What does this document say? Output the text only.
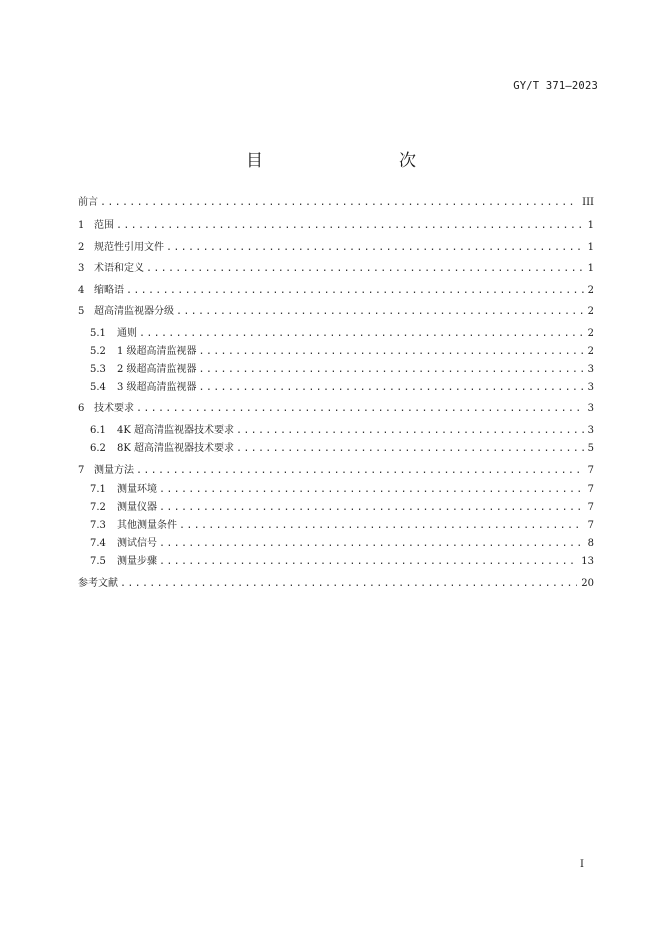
GY/T 371—2023
目　　次
前言 .....	III
1 范围 .....	1
2 规范性引用文件 .....	1
3 术语和定义 .....	1
4 缩略语 .....	2
5 超高清监视器分级 .....	2
5.1	通则 .....	2
5.2	1 级超高清监视器 .....	2
5.3	2 级超高清监视器 .....	3
5.4	3 级超高清监视器 .....	3
6 技术要求 .....	3
6.1	4K 超高清监视器技术要求 .....	3
6.2	8K 超高清监视器技术要求 .....	5
7 测量方法 .....	7
7.1	测量环境 .....	7
7.2	测量仪器 .....	7
7.3	其他测量条件 .....	7
7.4	测试信号 .....	8
7.5	测量步骤 .....	13
参考文献 .....	20
I
